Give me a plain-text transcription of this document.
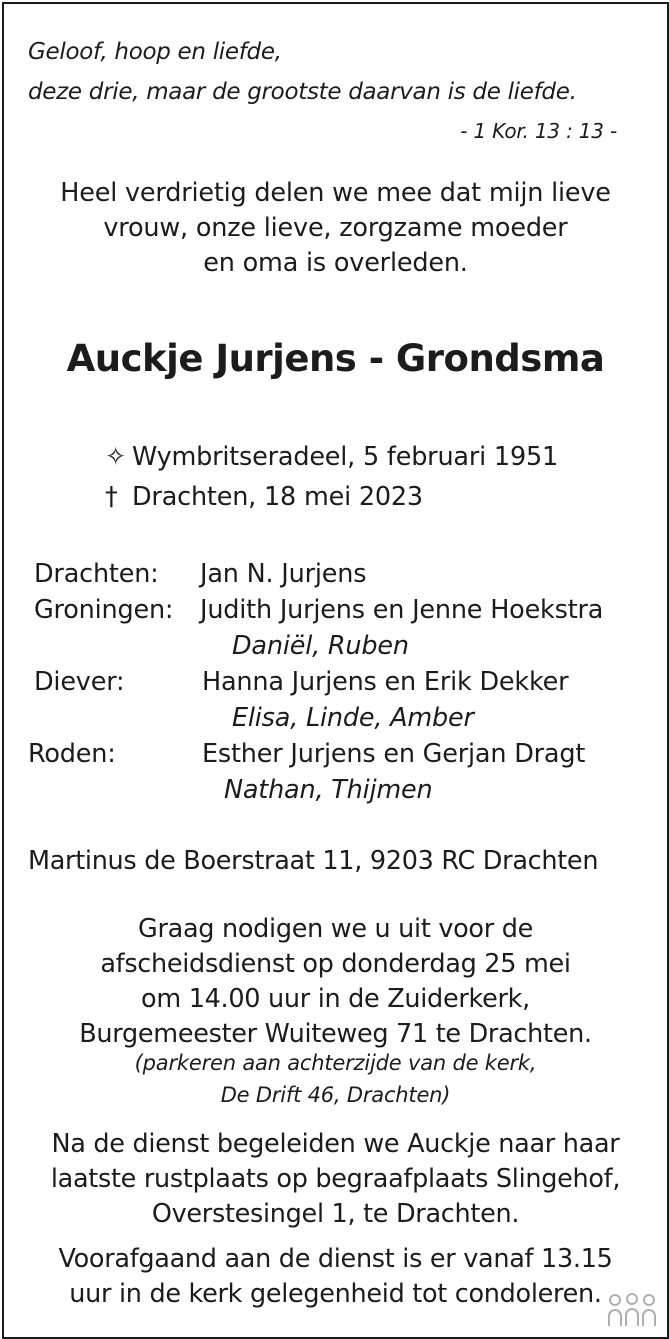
Geloof, hoop en liefde,
deze drie, maar de grootste daarvan is de liefde.
- 1 Kor. 13 : 13 -
Heel verdrietig delen we mee dat mijn lieve
vrouw, onze lieve, zorgzame moeder
en oma is overleden.
Auckje Jurjens - Grondsma
✧ Wymbritseradeel, 5 februari 1951
† Drachten, 18 mei 2023
Drachten: Jan N. Jurjens
Groningen: Judith Jurjens en Jenne Hoekstra
Daniël, Ruben
Diever:	Hanna Jurjens en Erik Dekker
Elisa, Linde, Amber
Roden:	Esther Jurjens en Gerjan Dragt
Nathan, Thijmen
Martinus de Boerstraat 11, 9203 RC Drachten
Graag nodigen we u uit voor de
afscheidsdienst op donderdag 25 mei
om 14.00 uur in de Zuiderkerk,
Burgemeester Wuiteweg 71 te Drachten.
(parkeren aan achterzijde van de kerk,
De Drift 46, Drachten)
Na de dienst begeleiden we Auckje naar haar
laatste rustplaats op begraafplaats Slingehof,
Overstesingel 1, te Drachten.
Voorafgaand aan de dienst is er vanaf 13.15
uur in de kerk gelegenheid tot condoleren.
